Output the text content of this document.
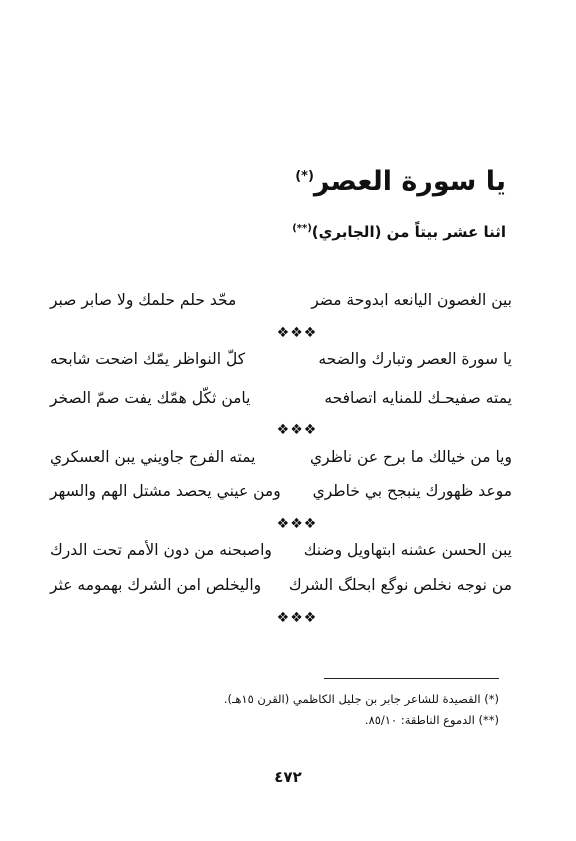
يا سورة العصر(*)
اثنا عشر بيتاً من (الجابري)(**)
بين الغصون اليانعه ابدوحة مضر
محّد حلم حلمك ولا صابر صبر
❖❖❖
يا سورة العصر وتبارك والضحه
كلّ النواظر يمّك اضحت شابحه
يمته صفيحـك للمنايه اتصافحه
يامن ثكّل همّك يفت صمّ الصخر
❖❖❖
ويا من خيالك ما برح عن ناظري
يمته الفرج جاويني يبن العسكري
موعد ظهورك ينبجح بي خاطري
ومن عيني يحصد مشتل الهم والسهر
❖❖❖
يبن الحسن عشنه ابتهاويل وضنك
واصبحنه من دون الأمم تحت الدرك
من نوجه نخلص نوگع ابحلگ الشرك
واليخلص امن الشرك بهمومه عثر
❖❖❖
(*) القصيدة للشاعر جابر بن جليل الكاظمي (القرن ١٥هـ).
(**) الدموع الناطقة: ٨٥/١٠.
٤٧٢
